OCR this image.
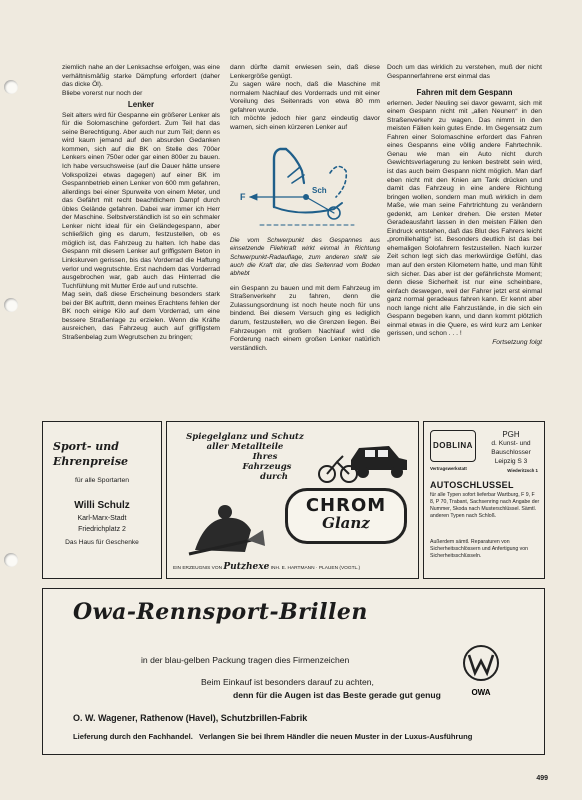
ziemlich nahe an der Lenksachse erfolgen, was eine verhältnismäßig starke Dämpfung erfordert (daher das dicke Öl).

Bliebe vorerst nur noch der

Lenker

Seit alters wird für Gespanne ein größerer Lenker als für die Solomaschine gefordert. Zum Teil hat das seine Berechtigung. Aber auch nur zum Teil; denn es wird kaum jemand auf den absurden Gedanken kommen, sich auf die BK on Stelle des 700er Lenkers einen 750er oder gar einen 800er zu bauen. Ich habe versuchsweise (auf die Dauer hätte unsere Volkspolizei etwas dagegen) auf einer BK im Gespannbetrieb einen Lenker von 600 mm gefahren, allerdings bei einer Spurweite von einem Meter, und das Gefährt mit recht beachtlichem Dampf durch übles Gelände gefahren. Dabei war immer ich Herr der Maschine. Selbstverständlich ist so ein schmaler Lenker nicht ideal für ein Geländegespann, aber schließlich ging es darum, festzustellen, ob es möglich ist, das Fahrzeug zu halten. Ich habe das Gespann mit diesem Lenker auf griffigstem Beton in Linkskurven gerissen, bis das Vorderrad die Haftung verlor und wegrutschte. Erst nachdem das Vorderrad ausgebrochen war, gab auch das Hinterrad die Tuchfühlung mit Mutter Erde auf und rutschte.

Mag sein, daß diese Erscheinung besonders stark bei der BK auftritt, denn meines Erachtens fehlen der BK noch einige Kilo auf dem Vorderrad, um eine bessere Straßenlage zu erzielen. Wenn die Kräfte ausreichen, das Fahrzeug auch auf griffigstem Straßenbelag zum Wegrutschen zu bringen;

dann dürfte damit erwiesen sein, daß diese Lenkergröße genügt.

Zu sagen wäre noch, daß die Maschine mit normalem Nachlauf des Vorderrads und mit einer Voreilung des Seitenrads von etwa 80 mm gefahren wurde.

Ich möchte jedoch hier ganz eindeutig davor warnen, sich einen kürzeren Lenker auf

F
Sch

Die vom Schwerpunkt des Gespannes aus einsetzende Fliehkraft wirkt einmal in Richtung Schwerpunkt-Radauflage, zum anderen stellt sie auch die Kraft dar, die das Seitenrad vom Boden abhebt

ein Gespann zu bauen und mit dem Fahrzeug im Straßenverkehr zu fahren, denn die Zulassungsordnung ist noch heute noch für uns bindend. Bei diesem Versuch ging es lediglich darum, festzustellen, wo die Grenzen liegen. Bei Fahrzeugen mit großem Nachlauf wird die Forderung nach einem großen Lenker natürlich verständlich.

Doch um das wirklich zu verstehen, muß der nicht Gespannerfahrene erst einmal das

Fahren mit dem Gespann

erlernen. Jeder Neuling sei davor gewarnt, sich mit einem Gespann nicht mit „allen Neunen“ in den Straßenverkehr zu wagen. Das nimmt in den meisten Fällen kein gutes Ende. Im Gegensatz zum Fahren einer Solomaschine erfordert das Fahren eines Gespanns eine völlig andere Fahrtechnik. Genau wie man ein Auto nicht durch Gewichtsverlagerung zu lenken bestrebt sein wird, ist das auch beim Gespann nicht möglich. Man darf eben nicht mit den Knien am Tank drücken und damit das Fahrzeug in eine andere Richtung bringen wollen, sondern man muß wirklich in dem Maße, wie man seine Fahrtrichtung zu verändern gedenkt, am Lenker drehen. Die ersten Meter Geradeausfahrt lassen in den meisten Fällen den Eindruck entstehen, daß das Blut des Fahrers leicht „promillehaltig“ ist. Besonders deutlich ist das bei ehemaligen Solofahrern festzustellen. Nach kurzer Zeit schon legt sich das merkwürdige Gefühl, das man auf den ersten Kilometern hatte, und man fühlt sich sicher. Das aber ist der gefährlichste Moment; denn diese Sicherheit ist nur eine scheinbare, einfach deswegen, weil der Fahrer jetzt erst einmal ganz normal geradeaus fahren kann. Er kennt aber noch lange nicht alle Fahrzustände, in die sich ein Gespann begeben kann, und dann kommt plötzlich einmal etwas in die Quere, es wird kurz am Lenker gerissen, und schon . . . !

Fortsetzung folgt

Sport- und
Ehrenpreise
für alle Sportarten
Willi Schulz
Karl-Marx-Stadt
Friedrichplatz 2
Das Haus für Geschenke
Spiegelglanz und Schutz
aller Metallteile
Ihres
Fahrzeugs
durch
CHROM
Glanz
EIN ERZEUGNIS VON Putzhexe INH. E. HARTMANN · PLAUEN (VOGTL.)
DOBLINA
PGH
d. Kunst- und
Bauschlosser
Leipzig S 3
Vertragswerkstatt	Wiederitzsch 1
AUTOSCHLUSSEL
für alle Typen sofort lieferbar Wartburg, F 9, F 8, P 70, Trabant, Sachsenring nach Angabe der Nummer, Skoda nach Musterschlüssel. Sämtl. anderen Typen nach Schloß.
Außerdem sämtl. Reparaturen von Sicherheitsschlössern und Anfertigung von Sicherheitsschlüsseln.
Owa-Rennsport-Brillen
in der blau-gelben Packung tragen dies Firmenzeichen
Beim Einkauf ist besonders darauf zu achten,
denn für die Augen ist das Beste gerade gut genug
O. W. Wagener, Rathenow (Havel), Schutzbrillen-Fabrik
Lieferung durch den Fachhandel. Verlangen Sie bei Ihrem Händler die neuen Muster in der Luxus-Ausführung
OWA
499
